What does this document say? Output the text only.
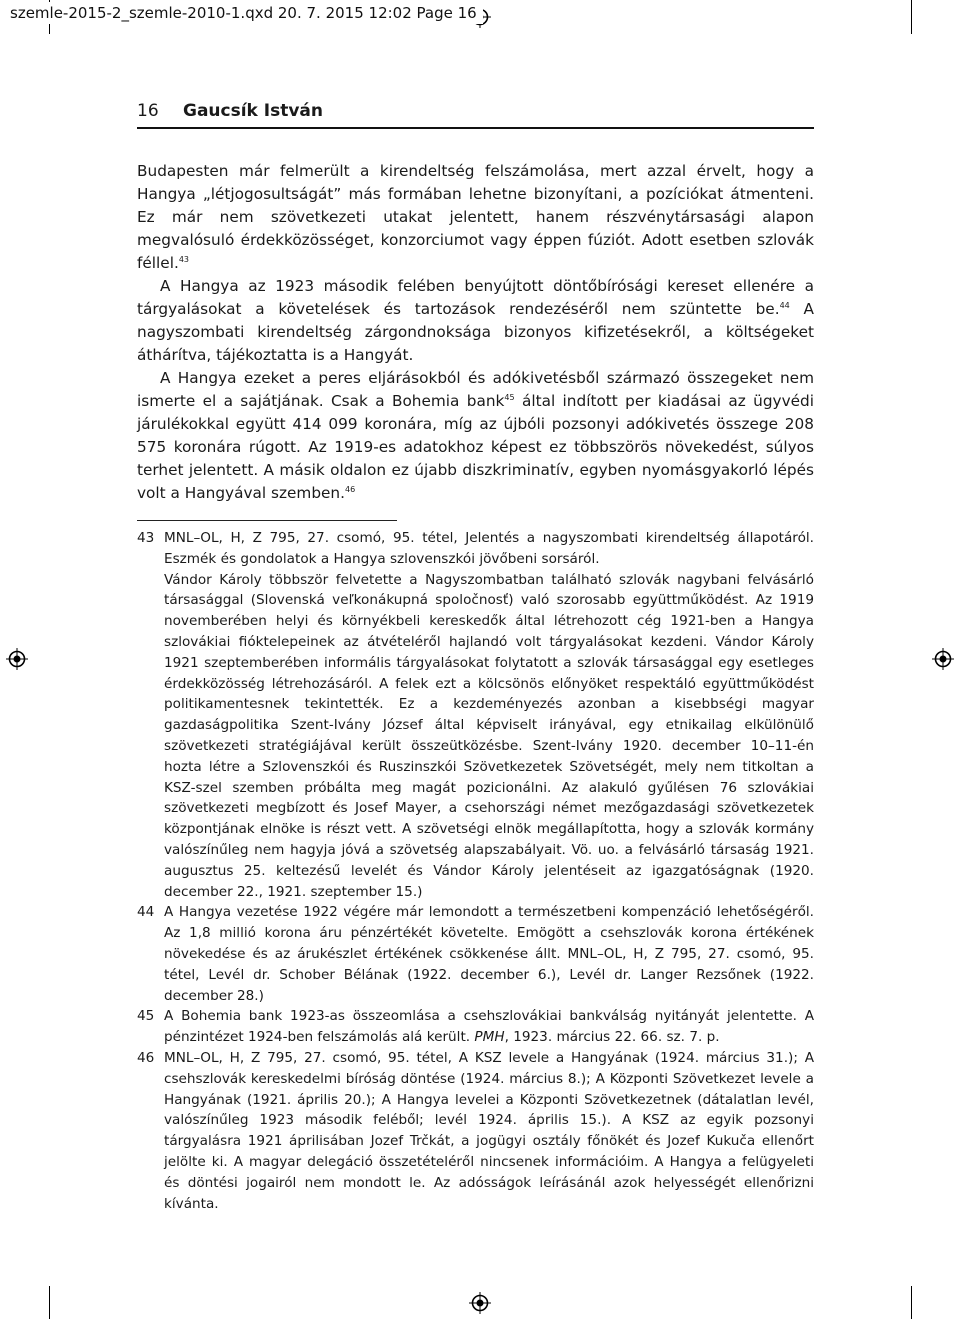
szemle-2015-2_szemle-2010-1.qxd 20. 7. 2015 12:02 Page 16
16 Gaucsík István

Budapesten már felmerült a kirendeltség felszámolása, mert azzal érvelt, hogy a Hangya „létjogosultságát” más formában lehetne bizonyítani, a pozíciókat átmenteni. Ez már nem szövetkezeti utakat jelentett, hanem részvénytársasági alapon megvalósuló érdekközösséget, konzorciumot vagy éppen fúziót. Adott esetben szlovák féllel.$^{43}$

A Hangya az 1923 második felében benyújtott döntőbírósági kereset ellenére a tárgyalásokat a követelések és tartozások rendezéséről nem szüntette be.$^{44}$ A nagyszombati kirendeltség zárgondnoksága bizonyos kifizetésekről, a költségeket áthárítva, tájékoztatta is a Hangyát.

A Hangya ezeket a peres eljárásokból és adókivetésből származó összegeket nem ismerte el a sajátjának. Csak a Bohemia bank$^{45}$ által indított per kiadásai az ügyvédi járulékokkal együtt 414 099 koronára, míg az újbóli pozsonyi adókivetés összege 208 575 koronára rúgott. Az 1919-es adatokhoz képest ez többszörös növekedést, súlyos terhet jelentett. A másik oldalon ez újabb diszkriminatív, egyben nyomásgyakorló lépés volt a Hangyával szemben.$^{46}$

43 MNL–OL, H, Z 795, 27. csomó, 95. tétel, Jelentés a nagyszombati kirendeltség állapotáról. Eszmék és gondolatok a Hangya szlovenszkói jövőbeni sorsáról.

Vándor Károly többször felvetette a Nagyszombatban található szlovák nagybani felvásárló társasággal (Slovenská veľkonákupná spoločnosť) való szorosabb együttműködést. Az 1919 novemberében helyi és környékbeli kereskedők által létrehozott cég 1921-ben a Hangya szlovákiai fióktelepeinek az átvételéről hajlandó volt tárgyalásokat kezdeni. Vándor Károly 1921 szeptemberében informális tárgyalásokat folytatott a szlovák társasággal egy esetleges érdekközösség létrehozásáról. A felek ezt a kölcsönös előnyöket respektáló együttműködést politikamentesnek tekintették. Ez a kezdeményezés azonban a kisebbségi magyar gazdaságpolitika Szent-Ivány József által képviselt irányával, egy etnikailag elkülönülő szövetkezeti stratégiájával került összeütközésbe. Szent-Ivány 1920. december 10–11-én hozta létre a Szlovenszkói és Ruszinszkói Szövetkezetek Szövetségét, mely nem titkoltan a KSZ-szel szemben próbálta meg magát pozicionálni. Az alakuló gyűlésen 76 szlovákiai szövetkezeti megbízott és Josef Mayer, a csehországi német mezőgazdasági szövetkezetek központjának elnöke is részt vett. A szövetségi elnök megállapította, hogy a szlovák kormány valószínűleg nem hagyja jóvá a szövetség alapszabályait. Vö. uo. a felvásárló társaság 1921. augusztus 25. keltezésű levelét és Vándor Károly jelentéseit az igazgatóságnak (1920. december 22., 1921. szeptember 15.)

44 A Hangya vezetése 1922 végére már lemondott a természetbeni kompenzáció lehetőségéről. Az 1,8 millió korona áru pénzértékét követelte. Emögött a csehszlovák korona értékének növekedése és az árukészlet értékének csökkenése állt. MNL–OL, H, Z 795, 27. csomó, 95. tétel, Levél dr. Schober Bélának (1922. december 6.), Levél dr. Langer Rezsőnek (1922. december 28.)

45 A Bohemia bank 1923-as összeomlása a csehszlovákiai bankválság nyitányát jelentette. A pénzintézet 1924-ben felszámolás alá került. PMH, 1923. március 22. 66. sz. 7. p.

46 MNL–OL, H, Z 795, 27. csomó, 95. tétel, A KSZ levele a Hangyának (1924. március 31.); A csehszlovák kereskedelmi bíróság döntése (1924. március 8.); A Központi Szövetkezet levele a Hangyának (1921. április 20.); A Hangya levelei a Központi Szövetkezetnek (dátalatlan levél, valószínűleg 1923 második feléből; levél 1924. április 15.). A KSZ az egyik pozsonyi tárgyalásra 1921 áprilisában Jozef Trčkát, a jogügyi osztály főnökét és Jozef Kukuča ellenőrt jelölte ki. A magyar delegáció összetételéről nincsenek információim. A Hangya a felügyeleti és döntési jogairól nem mondott le. Az adósságok leírásánál azok helyességét ellenőrizni kívánta.
